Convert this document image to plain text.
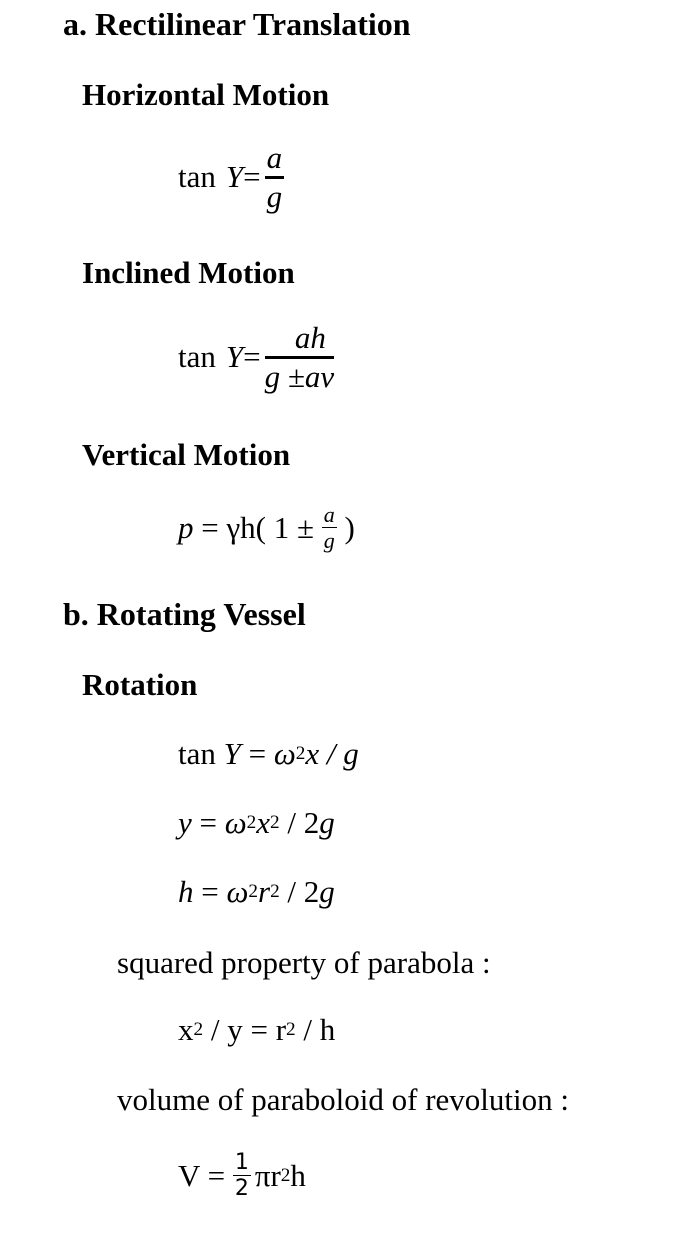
a. Rectilinear Translation
Horizontal Motion
$\tan Y = \frac{a}{g}$
Inclined Motion
$\tan Y = \frac{ah}{g \pm av}$
Vertical Motion
p = γh( $1 \pm \frac{a}{g}$ )
b. Rotating Vessel
Rotation
tan Y = ω 2 x / g
y = ω 2 x 2 / 2 g
h = ω 2 r 2 / 2 g
squared property of parabola :
x 2 / y = r 2 / h
volume of paraboloid of revolution :
$V = \frac{1}{2}$ πr 2 h
